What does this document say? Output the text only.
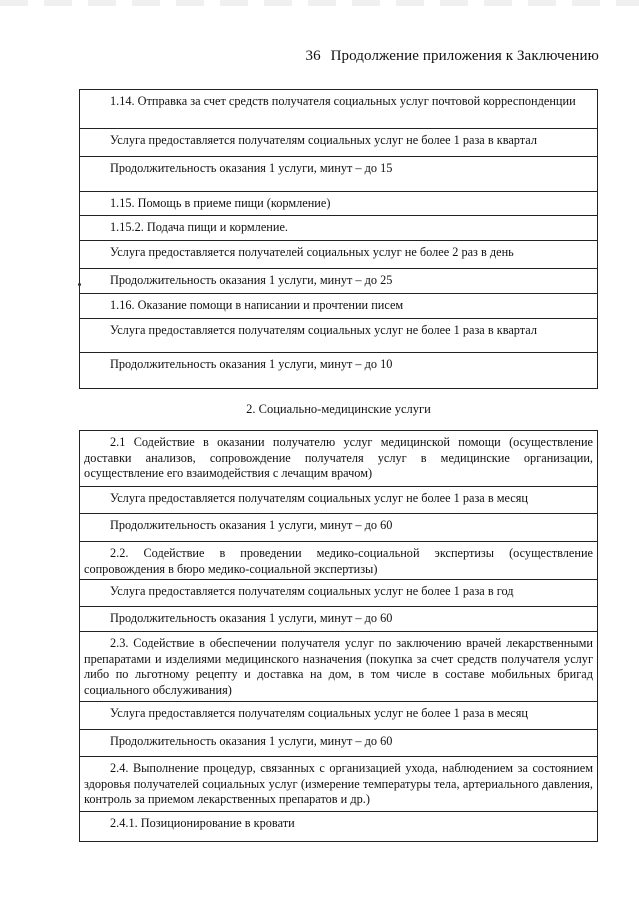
36 Продолжение приложения к Заключению
1.14. Отправка за счет средств получателя социальных услуг почтовой корреспонденции
Услуга предоставляется получателям социальных услуг не более 1 раза в квартал
Продолжительность оказания 1 услуги, минут – до 15
1.15. Помощь в приеме пищи (кормление)
1.15.2. Подача пищи и кормление.
Услуга предоставляется получателей социальных услуг не более 2 раз в день
Продолжительность оказания 1 услуги, минут – до 25
1.16. Оказание помощи в написании и прочтении писем
Услуга предоставляется получателям социальных услуг не более 1 раза в квартал
Продолжительность оказания 1 услуги, минут – до 10
2. Социально-медицинские услуги
2.1 Содействие в оказании получателю услуг медицинской помощи (осуществление доставки анализов, сопровождение получателя услуг в медицинские организации, осуществление его взаимодействия с лечащим врачом)
Услуга предоставляется получателям социальных услуг не более 1 раза в месяц
Продолжительность оказания 1 услуги, минут – до 60
2.2. Содействие в проведении медико-социальной экспертизы (осуществление сопровождения в бюро медико-социальной экспертизы)
Услуга предоставляется получателям социальных услуг не более 1 раза в год
Продолжительность оказания 1 услуги, минут – до 60
2.3. Содействие в обеспечении получателя услуг по заключению врачей лекарственными препаратами и изделиями медицинского назначения (покупка за счет средств получателя услуг либо по льготному рецепту и доставка на дом, в том числе в составе мобильных бригад социального обслуживания)
Услуга предоставляется получателям социальных услуг не более 1 раза в месяц
Продолжительность оказания 1 услуги, минут – до 60
2.4. Выполнение процедур, связанных с организацией ухода, наблюдением за состоянием здоровья получателей социальных услуг (измерение температуры тела, артериального давления, контроль за приемом лекарственных препаратов и др.)
2.4.1. Позиционирование в кровати
